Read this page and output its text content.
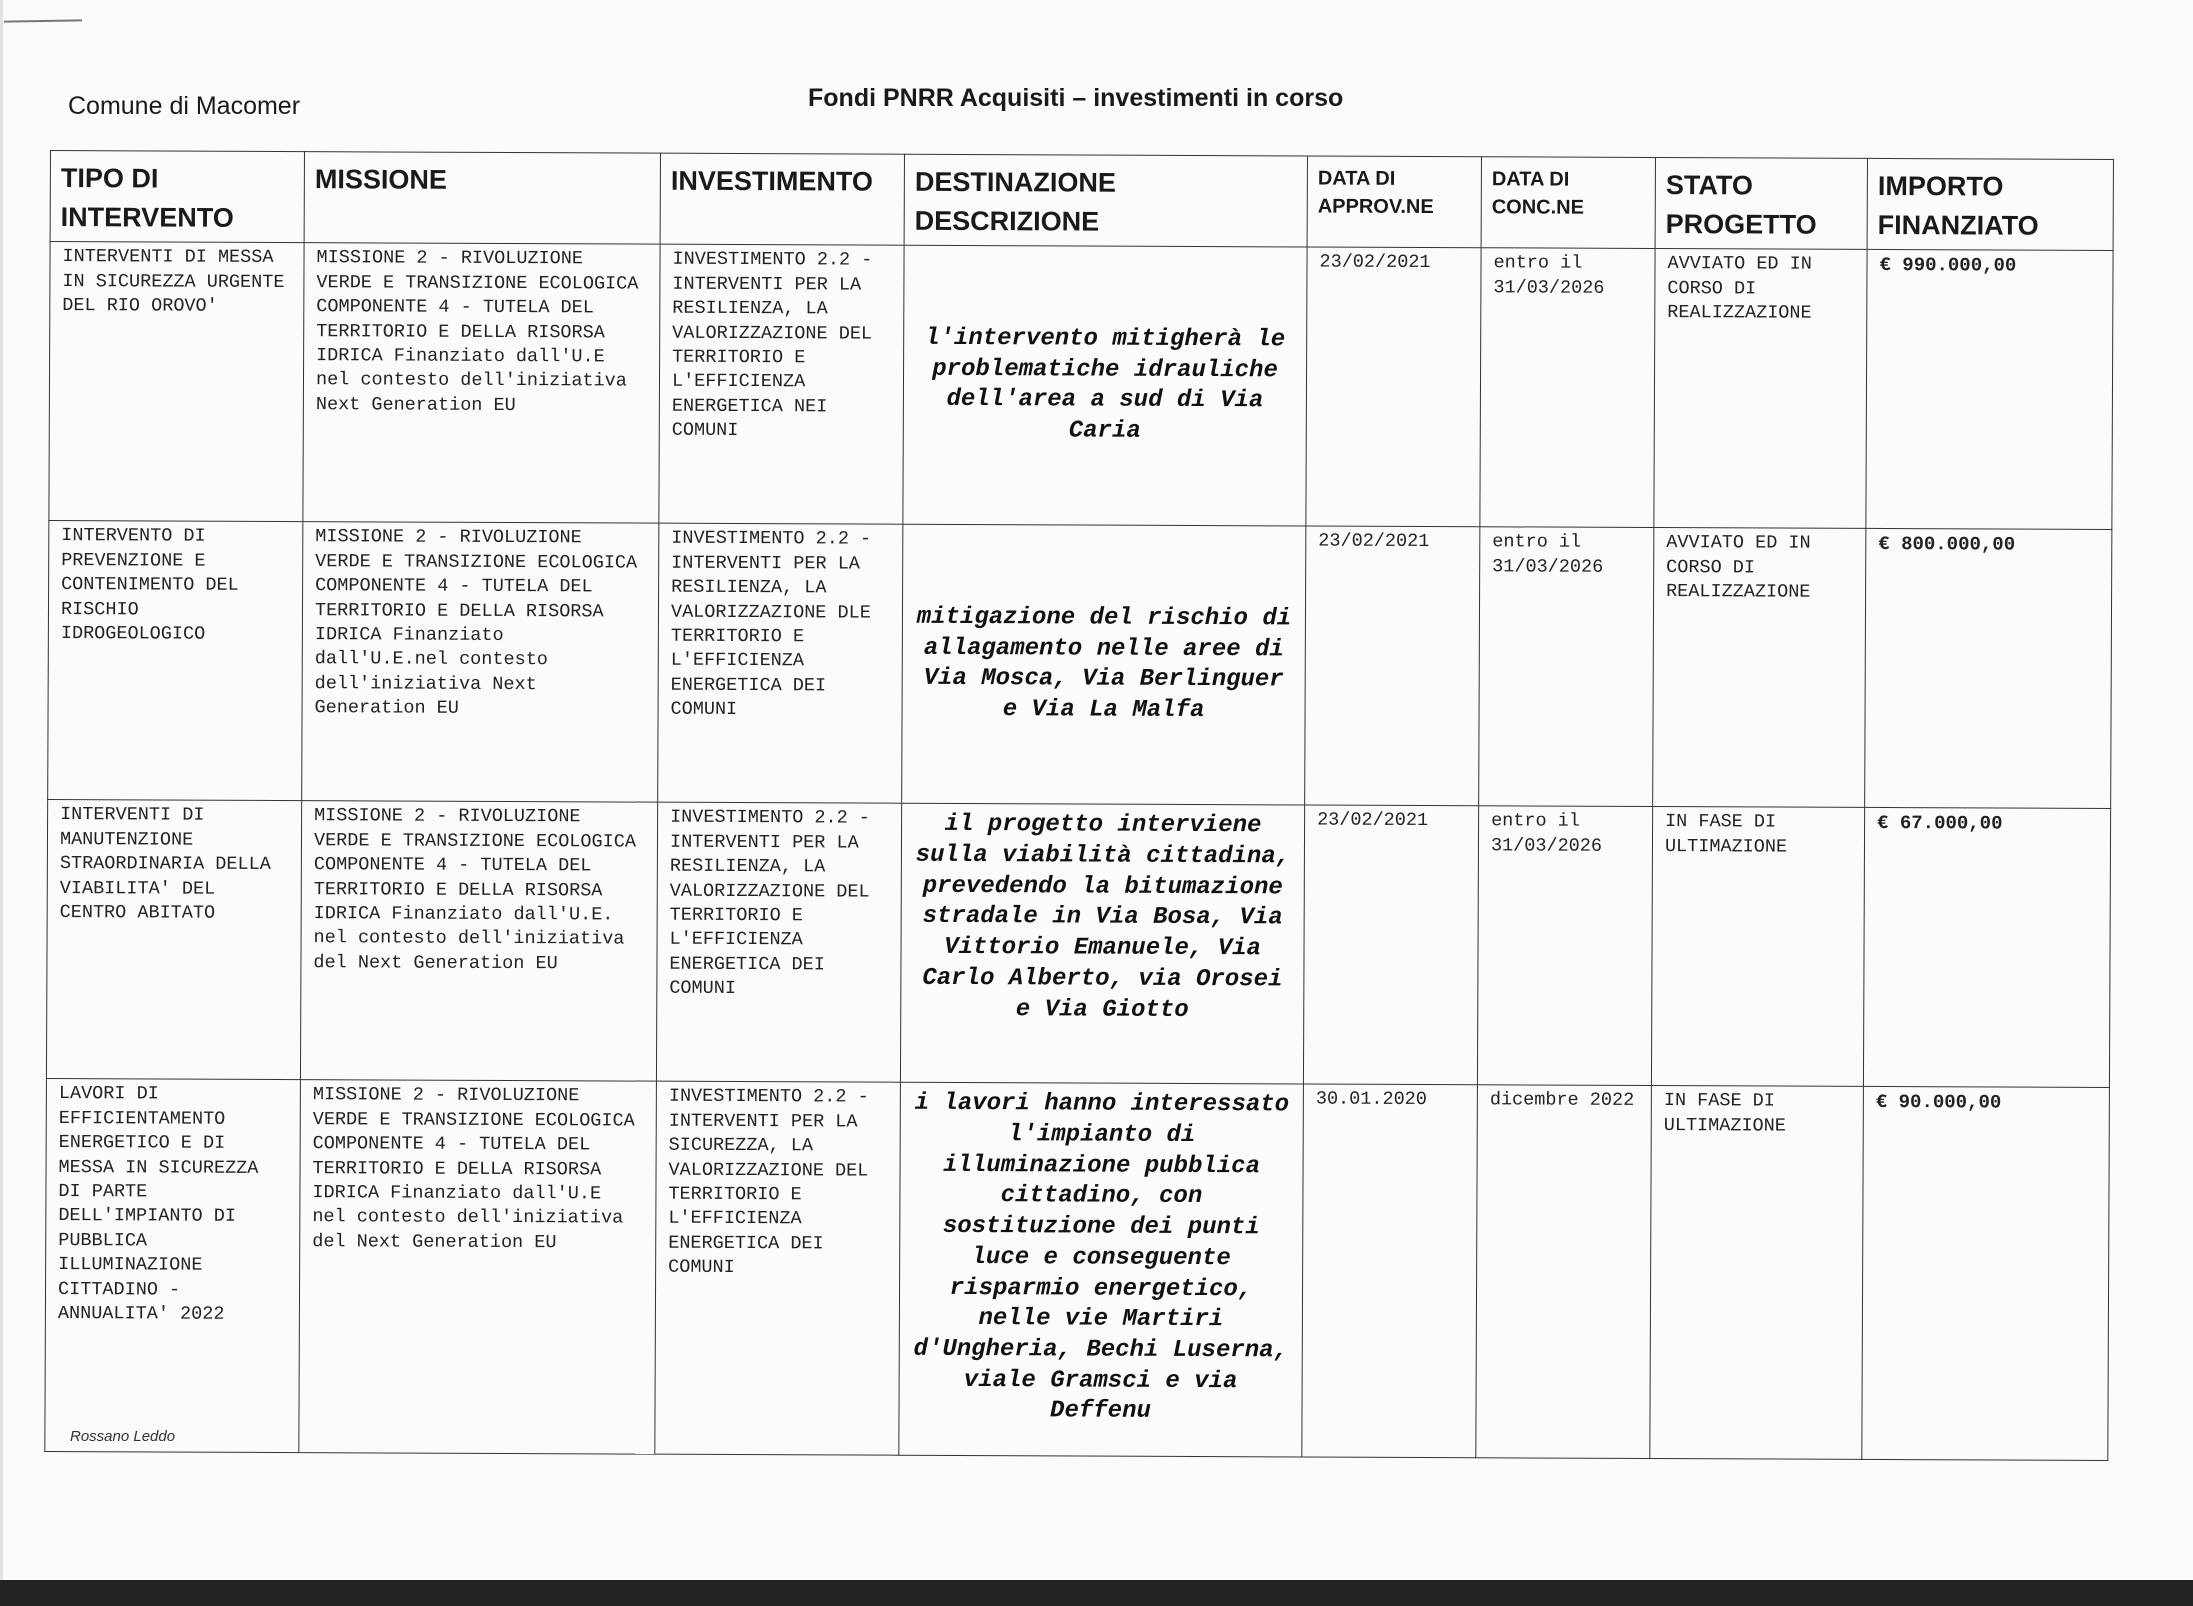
Comune di Macomer	Fondi PNRR Acquisiti – investimenti in corso
TIPO DI INTERVENTO	MISSIONE	INVESTIMENTO	DESTINAZIONE DESCRIZIONE	DATA DI APPROV.NE	DATA DI CONC.NE	STATO PROGETTO	IMPORTO FINANZIATO
INTERVENTI DI MESSA IN SICUREZZA URGENTE DEL RIO OROVO'	MISSIONE 2 - RIVOLUZIONE VERDE E TRANSIZIONE ECOLOGICA COMPONENTE 4 - TUTELA DEL TERRITORIO E DELLA RISORSA IDRICA Finanziato dall'U.E nel contesto dell'iniziativa Next Generation EU	INVESTIMENTO 2.2 - INTERVENTI PER LA RESILIENZA, LA VALORIZZAZIONE DEL TERRITORIO E L'EFFICIENZA ENERGETICA NEI COMUNI	l'intervento mitigherà le problematiche idrauliche dell'area a sud di Via Caria	23/02/2021	entro il 31/03/2026	AVVIATO ED IN CORSO DI REALIZZAZIONE	€ 990.000,00
INTERVENTO DI PREVENZIONE E CONTENIMENTO DEL RISCHIO IDROGEOLOGICO	MISSIONE 2 - RIVOLUZIONE VERDE E TRANSIZIONE ECOLOGICA COMPONENTE 4 - TUTELA DEL TERRITORIO E DELLA RISORSA IDRICA Finanziato dall'U.E.nel contesto dell'iniziativa Next Generation EU	INVESTIMENTO 2.2 - INTERVENTI PER LA RESILIENZA, LA VALORIZZAZIONE DLE TERRITORIO E L'EFFICIENZA ENERGETICA DEI COMUNI	mitigazione del rischio di allagamento nelle aree di Via Mosca, Via Berlinguer e Via La Malfa	23/02/2021	entro il 31/03/2026	AVVIATO ED IN CORSO DI REALIZZAZIONE	€ 800.000,00
INTERVENTI DI MANUTENZIONE STRAORDINARIA DELLA VIABILITA' DEL CENTRO ABITATO	MISSIONE 2 - RIVOLUZIONE VERDE E TRANSIZIONE ECOLOGICA COMPONENTE 4 - TUTELA DEL TERRITORIO E DELLA RISORSA IDRICA Finanziato dall'U.E. nel contesto dell'iniziativa del Next Generation EU	INVESTIMENTO 2.2 - INTERVENTI PER LA RESILIENZA, LA VALORIZZAZIONE DEL TERRITORIO E L'EFFICIENZA ENERGETICA DEI COMUNI	il progetto interviene sulla viabilità cittadina, prevedendo la bitumazione stradale in Via Bosa, Via Vittorio Emanuele, Via Carlo Alberto, via Orosei e Via Giotto	23/02/2021	entro il 31/03/2026	IN FASE DI ULTIMAZIONE	€ 67.000,00
LAVORI DI EFFICIENTAMENTO ENERGETICO E DI MESSA IN SICUREZZA DI PARTE DELL'IMPIANTO DI PUBBLICA ILLUMINAZIONE CITTADINO - ANNUALITA' 2022	MISSIONE 2 - RIVOLUZIONE VERDE E TRANSIZIONE ECOLOGICA COMPONENTE 4 - TUTELA DEL TERRITORIO E DELLA RISORSA IDRICA Finanziato dall'U.E nel contesto dell'iniziativa del Next Generation EU	INVESTIMENTO 2.2 - INTERVENTI PER LA SICUREZZA, LA VALORIZZAZIONE DEL TERRITORIO E L'EFFICIENZA ENERGETICA DEI COMUNI	i lavori hanno interessato l'impianto di illuminazione pubblica cittadino, con sostituzione dei punti luce e conseguente risparmio energetico, nelle vie Martiri d'Ungheria, Bechi Luserna, viale Gramsci e via Deffenu	30.01.2020	dicembre 2022	IN FASE DI ULTIMAZIONE	€ 90.000,00
Rossano Leddo
